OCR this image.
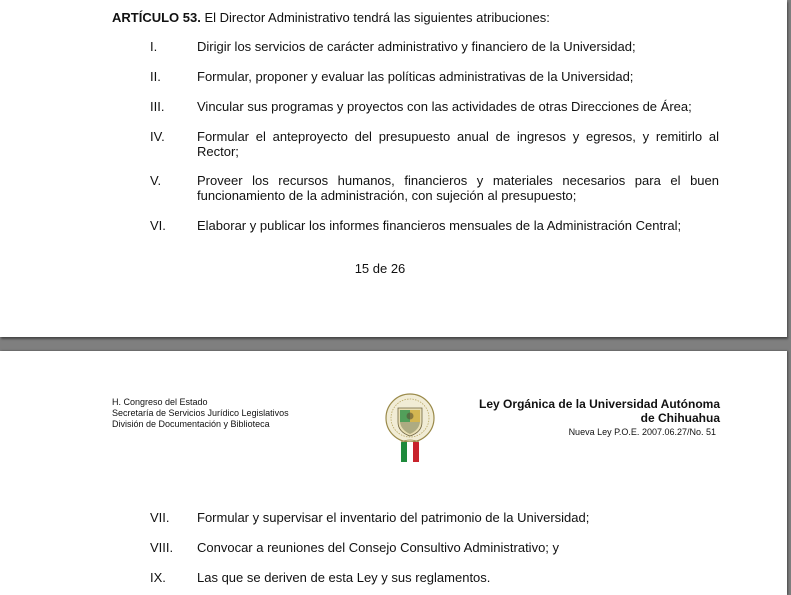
ARTÍCULO 53. El Director Administrativo tendrá las siguientes atribuciones:
I.	Dirigir los servicios de carácter administrativo y financiero de la Universidad;
II.	Formular, proponer y evaluar las políticas administrativas de la Universidad;
III.	Vincular sus programas y proyectos con las actividades de otras Direcciones de Área;
IV.	Formular el anteproyecto del presupuesto anual de ingresos y egresos, y remitirlo al Rector;
V.	Proveer los recursos humanos, financieros y materiales necesarios para el buen funcionamiento de la administración, con sujeción al presupuesto;
VI.	Elaborar y publicar los informes financieros mensuales de la Administración Central;
15 de 26
H. Congreso del Estado
Secretaría de Servicios Jurídico Legislativos
División de Documentación y Biblioteca
Ley Orgánica de la Universidad Autónoma
de Chihuahua
Nueva Ley P.O.E. 2007.06.27/No. 51
VII.	Formular y supervisar el inventario del patrimonio de la Universidad;
VIII.	Convocar a reuniones del Consejo Consultivo Administrativo; y
IX.	Las que se deriven de esta Ley y sus reglamentos.
